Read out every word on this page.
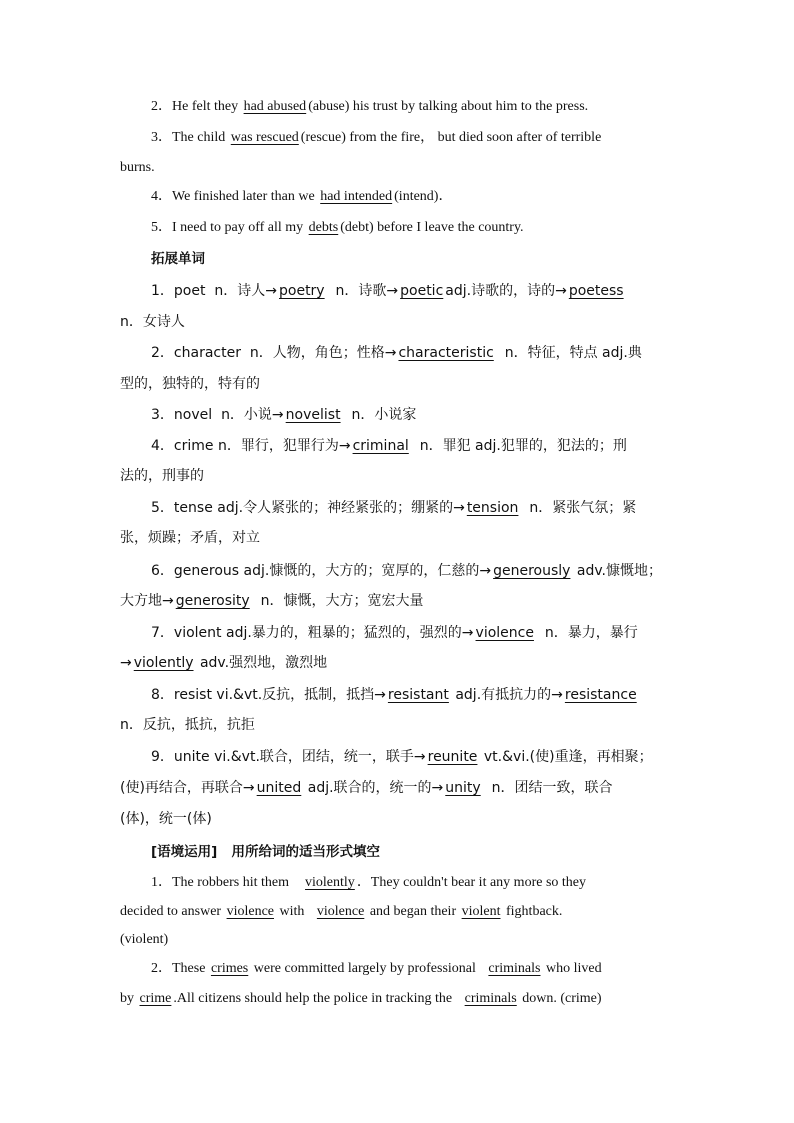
2．He felt they had abused (abuse) his trust by talking about him to the press.
3．The child was rescued (rescue) from the fire， but died soon after of terrible
burns.
4．We finished later than we had intended (intend)．
5．I need to pay off all my debts (debt) before I leave the country.
拓展单词
1．poet n．诗人→ poetry n．诗歌→ poetic adj.诗歌的，诗的→ poetess
n．女诗人
2．character n．人物，角色；性格→ characteristic n．特征，特点 adj.典
型的，独特的，特有的
3．novel n．小说→ novelist n．小说家
4．crime n．罪行，犯罪行为→ criminal n．罪犯 adj.犯罪的，犯法的；刑
法的，刑事的
5．tense adj.令人紧张的；神经紧张的；绷紧的→ tension n．紧张气氛；紧
张，烦躁；矛盾，对立
6．generous adj.慷慨的，大方的；宽厚的，仁慈的→ generously adv.慷慨地；
大方地→ generosity n．慷慨，大方；宽宏大量
7．violent adj.暴力的，粗暴的；猛烈的，强烈的→ violence n．暴力，暴行
→ violently adv.强烈地，激烈地
8．resist vi.&vt.反抗，抵制，抵挡→ resistant adj.有抵抗力的→ resistance
n．反抗，抵抗，抗拒
9．unite vi.&vt.联合，团结，统一，联手→ reunite vt.&vi.(使)重逢，再相聚；
(使)再结合，再联合→ united adj.联合的，统一的→ unity n．团结一致，联合
(体)，统一(体)
[语境运用] 用所给词的适当形式填空
1．The robbers hit them    violently ．They couldn't bear it any more so they
decided to answer violence with   violence and began their violent fightback.
(violent)
2．These crimes were committed largely by professional   criminals who lived
by crime .All citizens should help the police in tracking the   criminals down. (crime)
